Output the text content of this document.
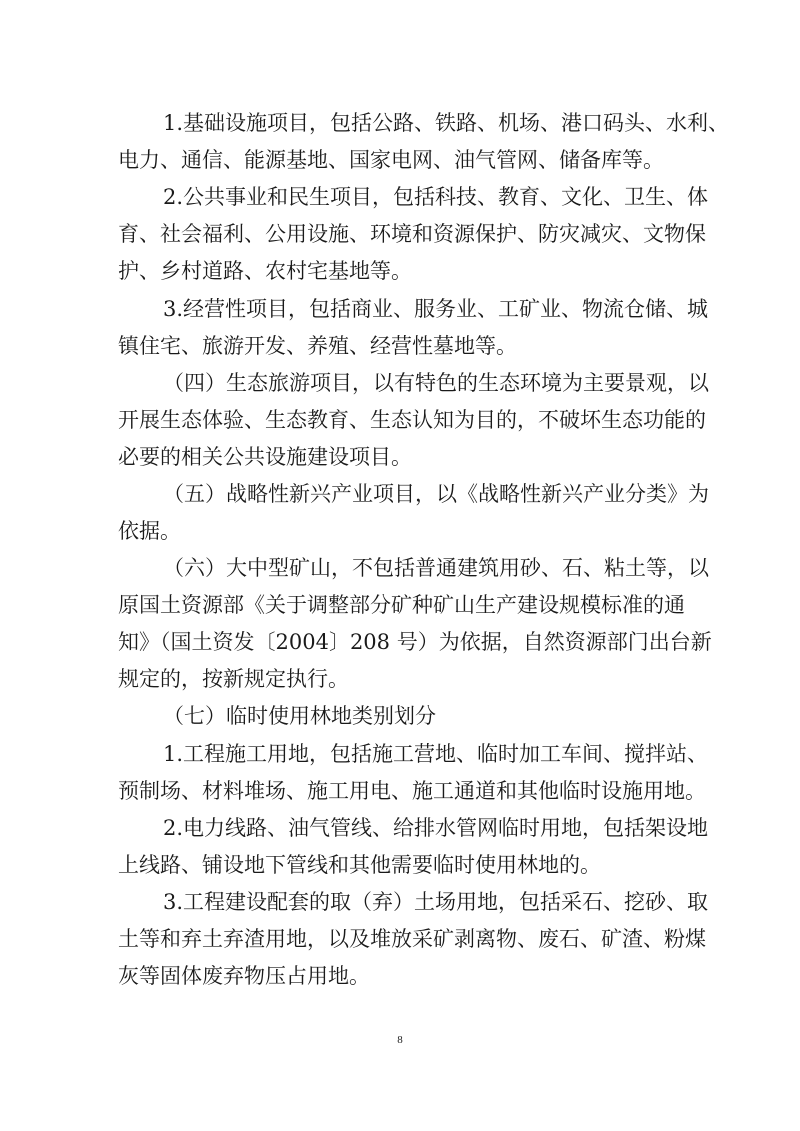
1.基础设施项目，包括公路、铁路、机场、港口码头、水利、
电力、通信、能源基地、国家电网、油气管网、储备库等。
2.公共事业和民生项目，包括科技、教育、文化、卫生、体
育、社会福利、公用设施、环境和资源保护、防灾减灾、文物保
护、乡村道路、农村宅基地等。
3.经营性项目，包括商业、服务业、工矿业、物流仓储、城
镇住宅、旅游开发、养殖、经营性墓地等。
（四）生态旅游项目，以有特色的生态环境为主要景观，以
开展生态体验、生态教育、生态认知为目的，不破坏生态功能的
必要的相关公共设施建设项目。
（五）战略性新兴产业项目，以《战略性新兴产业分类》为
依据。
（六）大中型矿山，不包括普通建筑用砂、石、粘土等，以
原国土资源部《关于调整部分矿种矿山生产建设规模标准的通
知》（国土资发〔2004〕208 号）为依据，自然资源部门出台新
规定的，按新规定执行。
（七）临时使用林地类别划分
1.工程施工用地，包括施工营地、临时加工车间、搅拌站、
预制场、材料堆场、施工用电、施工通道和其他临时设施用地。
2.电力线路、油气管线、给排水管网临时用地，包括架设地
上线路、铺设地下管线和其他需要临时使用林地的。
3.工程建设配套的取（弃）土场用地，包括采石、挖砂、取
土等和弃土弃渣用地，以及堆放采矿剥离物、废石、矿渣、粉煤
灰等固体废弃物压占用地。
8
